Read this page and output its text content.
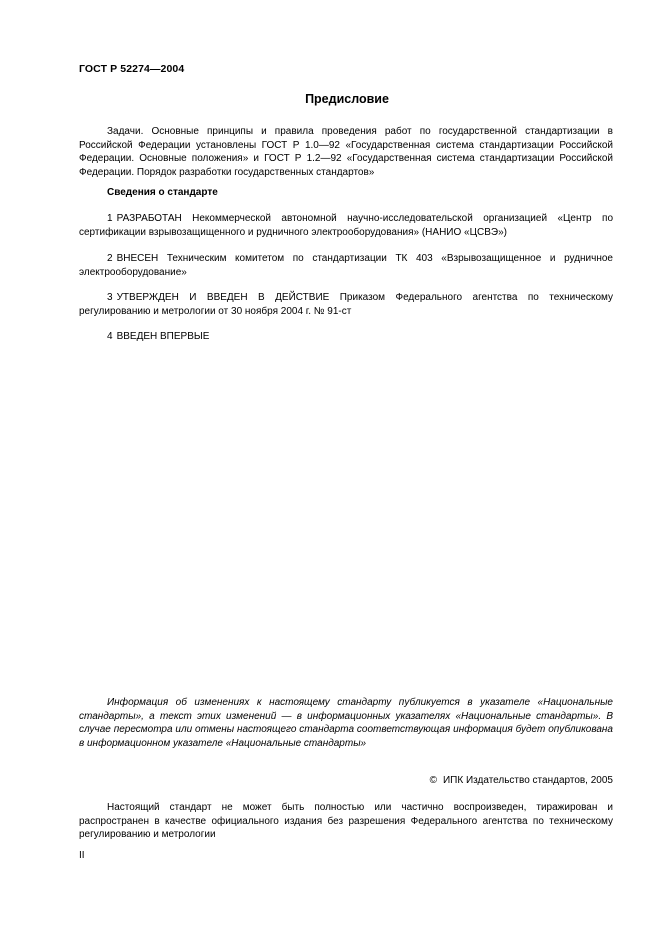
ГОСТ Р 52274—2004
Предисловие

Задачи. Основные принципы и правила проведения работ по государственной стандартизации в Российской Федерации установлены ГОСТ Р 1.0—92 «Государственная система стандартизации Российской Федерации. Основные положения» и ГОСТ Р 1.2—92 «Государственная система стандартизации Российской Федерации. Порядок разработки государственных стандартов»

Сведения о стандарте

1 РАЗРАБОТАН Некоммерческой автономной научно-исследовательской организацией «Центр по сертификации взрывозащищенного и рудничного электрооборудования» (НАНИО «ЦСВЭ»)

2 ВНЕСЕН Техническим комитетом по стандартизации ТК 403 «Взрывозащищенное и рудничное электрооборудование»

3 УТВЕРЖДЕН И ВВЕДЕН В ДЕЙСТВИЕ Приказом Федерального агентства по техническому регулированию и метрологии от 30 ноября 2004 г. № 91-ст

4 ВВЕДЕН ВПЕРВЫЕ

Информация об изменениях к настоящему стандарту публикуется в указателе «Национальные стандарты», а текст этих изменений — в информационных указателях «Национальные стандарты». В случае пересмотра или отмены настоящего стандарта соответствующая информация будет опубликована в информационном указателе «Национальные стандарты»

© ИПК Издательство стандартов, 2005

Настоящий стандарт не может быть полностью или частично воспроизведен, тиражирован и распространен в качестве официального издания без разрешения Федерального агентства по техническому регулированию и метрологии

II
